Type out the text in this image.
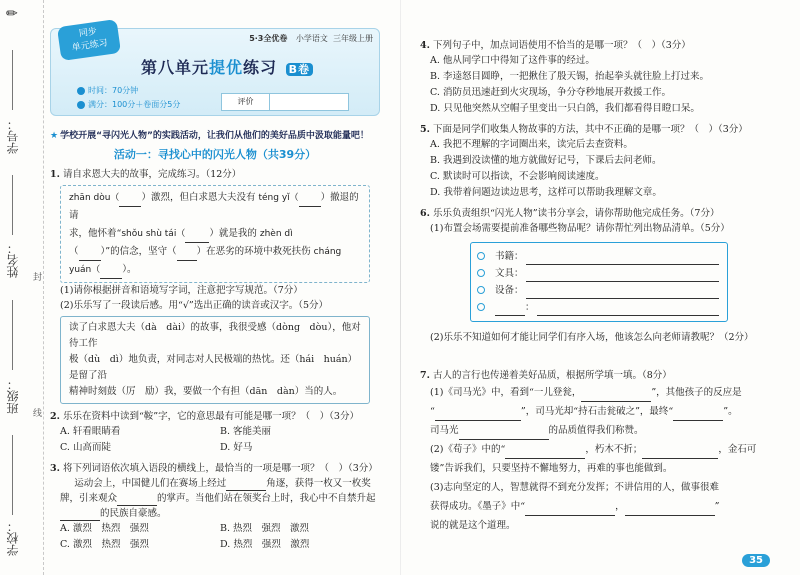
✏
学号：
姓名： 封
班级： 线
学校：
同步
单元练习	5·3全优卷 小学语文 三年级上册
第八单元提优练习 B卷
时间：70分钟
满分：100分＋卷面分5分	评价
★ 学校开展“寻闪光人物”的实践活动，让我们从他们的美好品质中汲取能量吧！
活动一：寻找心中的闪光人物（共39分）
1. 请自求恩大夫的故事，完成练习。（12分）
zhān dòu（ ）激烈，但白求恩大夫没有 téng yǐ（ ）撤退的请
求，他怀着“shǒu shù tái（	）就是我的 zhèn dì
（ ）”的信念，坚守（ ）在恶劣的环境中救死扶伤 cháng yuán（ ）。
(1)请你根据拼音和语境写字词，注意把字写规范。（7分）
(2)乐乐写了一段读后感。用“√”选出正确的读音或汉字。（5分）
读了白求恩大夫（dà　dài）的故事，我很受感（dòng　dòu），他对待工作
极（dù　dì）地负责，对同志对人民极端的热忱。还（hái　huán）是留了沿
精神时刻鼓（厉　励）我，要做一个有担（dān　dàn）当的人。
2. 乐乐在资料中读到“鞍”字，它的意思最有可能是哪一项？（　）（3分）
A. 轩看眼睛看	B. 客能美丽
C. 山高而陡	D. 好马
3. 将下列词语依次填入语段的横线上，最恰当的一项是哪一项？（　）（3分）
运动会上，中国健儿们在赛场上经过	角逐，获得一枚又一枚奖牌，引来观众	的掌声。当他们站在领奖台上时，我心中不自禁升起的民族自豪感。
A. 激烈　热烈　强烈	B. 热烈　强烈　激烈
C. 激烈　热烈　强烈	D. 热烈　强烈　激烈
4. 下列句子中，加点词语使用不恰当的是哪一项？（　）（3分）
A. 他从同学口中得知了这件事的经过。
B. 李逵怒目圆睁，一把揪住了殷天锡，抬起拳头就往脸上打过来。
C. 消防员迅速赶到火灾现场，争分夺秒地展开救援工作。
D. 只见他突然从空帽子里变出一只白鸽，我们都看得目瞪口呆。
5. 下面是同学们收集人物故事的方法，其中不正确的是哪一项？（　）（3分）
A. 我把不理解的字词圈出来，读完后去查资料。
B. 我遇到没读懂的地方就做好记号，下课后去问老师。
C. 默读时可以指读，不会影响阅读速度。
D. 我带着问题边读边思考，这样可以帮助我理解文章。
6. 乐乐负责组织“闪光人物”读书分享会，请你帮助他完成任务。（7分）
(1)布置会场需要提前准备哪些物品呢？请你帮忙列出物品清单。（5分）
书籍：
文具：
设备：
：
(2)乐乐不知道如何才能让同学们有序入场，他该怎么向老师请教呢？（2分）
7. 古人的言行也传递着美好品质，根据所学填一填。（8分）
(1)《司马光》中，看到“一儿登瓮，	”，其他孩子的反应是
“	”，司马光却“持石击瓮破之”，最终“	”。
司马光	的品质值得我们称赞。
(2)《荀子》中的“	，朽木不折；	，金石可
镂”告诉我们，只要坚持不懈地努力，再难的事也能做到。
(3)志向坚定的人，智慧就得不到充分发挥；不讲信用的人，做事很难
获得成功。《墨子》中“	，	”
说的就是这个道理。
35
